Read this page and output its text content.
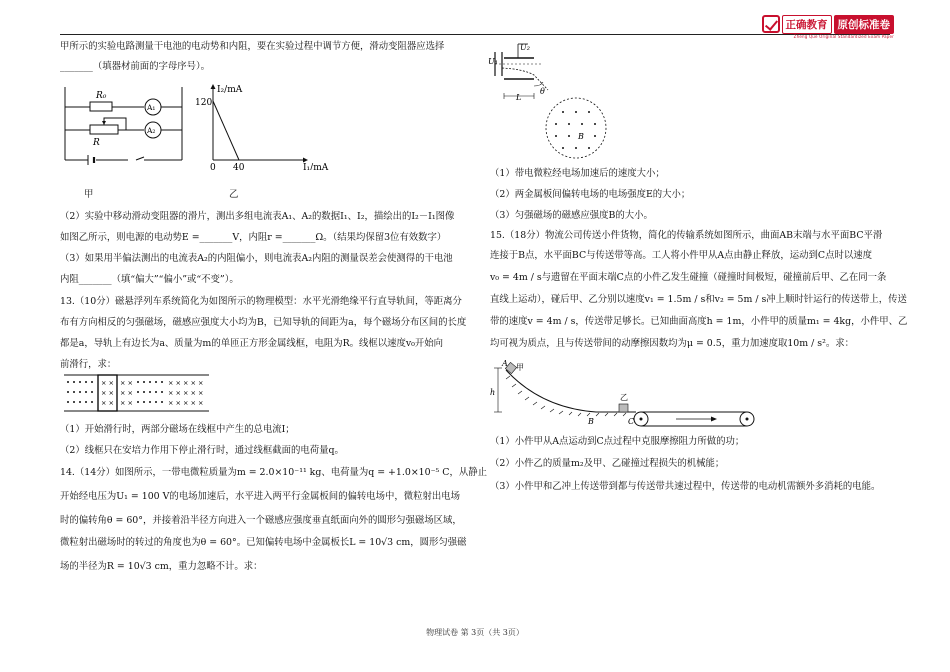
正确教育 原创标准卷
Zheng Que Original Standardized Exam Paper
甲所示的实验电路测量干电池的电动势和内阻，要在实验过程中调节方便，滑动变阻器应选择
_______（填器材前面的字母序号）。
R₀
R
A₁
A₂
甲
I₂/mA
120
0 40	I₁/mA
乙
（2）实验中移动滑动变阻器的滑片，测出多组电流表A₁、A₂的数据I₁、I₂，描绘出的I₂－I₁图像
如图乙所示，则电源的电动势E =_______V，内阻r =_______Ω。（结果均保留3位有效数字）
（3）如果用半偏法测出的电流表A₂的内阻偏小，则电流表A₂内阻的测量误差会使测得的干电池
内阻_______（填“偏大”“偏小”或“不变”）。
13.（10分）磁悬浮列车系统简化为如图所示的物理模型：水平光滑绝缘平行直导轨间，等距离分
布有方向相反的匀强磁场，磁感应强度大小均为B，已知导轨的间距为a，每个磁场分布区间的长度
都是a，导轨上有边长为a、质量为m的单匝正方形金属线框，电阻为R。线框以速度v₀开始向
前滑行，求：
× ×
× ×
× ×
× ×
× ×
× ×
× × × × ×
× × × × ×
× × × × ×
（1）开始滑行时，两部分磁场在线框中产生的总电流I；
（2）线框只在安培力作用下停止滑行时，通过线框截面的电荷量q。
14.（14分）如图所示，一带电微粒质量为m = 2.0×10⁻¹¹ kg、电荷量为q = +1.0×10⁻⁵ C，从静止
开始经电压为U₁ = 100 V的电场加速后，水平进入两平行金属板间的偏转电场中，微粒射出电场
时的偏转角θ = 60°，并接着沿半径方向进入一个磁感应强度垂直纸面向外的圆形匀强磁场区域，
微粒射出磁场时的转过的角度也为θ = 60°。已知偏转电场中金属板长L = 10√3 cm，圆形匀强磁
场的半径为R = 10√3 cm，重力忽略不计。求：
U₁
U₂
L
θ
B
（1）带电微粒经电场加速后的速度大小；
（2）两金属板间偏转电场的电场强度E的大小；
（3）匀强磁场的磁感应强度B的大小。
15.（18分）物流公司传送小件货物，简化的传输系统如图所示，曲面AB末端与水平面BC平滑
连接于B点，水平面BC与传送带等高。工人将小件甲从A点由静止释放，运动到C点时以速度
v₀ = 4m / s与遗留在平面末端C点的小件乙发生碰撞（碰撞时间极短，碰撞前后甲、乙在同一条
直线上运动），碰后甲、乙分别以速度v₁ = 1.5m / s和v₂ = 5m / s冲上顺时针运行的传送带上，传送
带的速度v = 4m / s，传送带足够长。已知曲面高度h = 1m，小件甲的质量m₁ = 4kg，小件甲、乙
均可视为质点，且与传送带间的动摩擦因数均为μ = 0.5，重力加速度取10m / s²。求：
A 甲
h
乙
B	C
（1）小件甲从A点运动到C点过程中克服摩擦阻力所做的功；
（2）小件乙的质量m₂及甲、乙碰撞过程损失的机械能；
（3）小件甲和乙冲上传送带到都与传送带共速过程中，传送带的电动机需额外多消耗的电能。
物理试卷 第 3页（共 3页）
